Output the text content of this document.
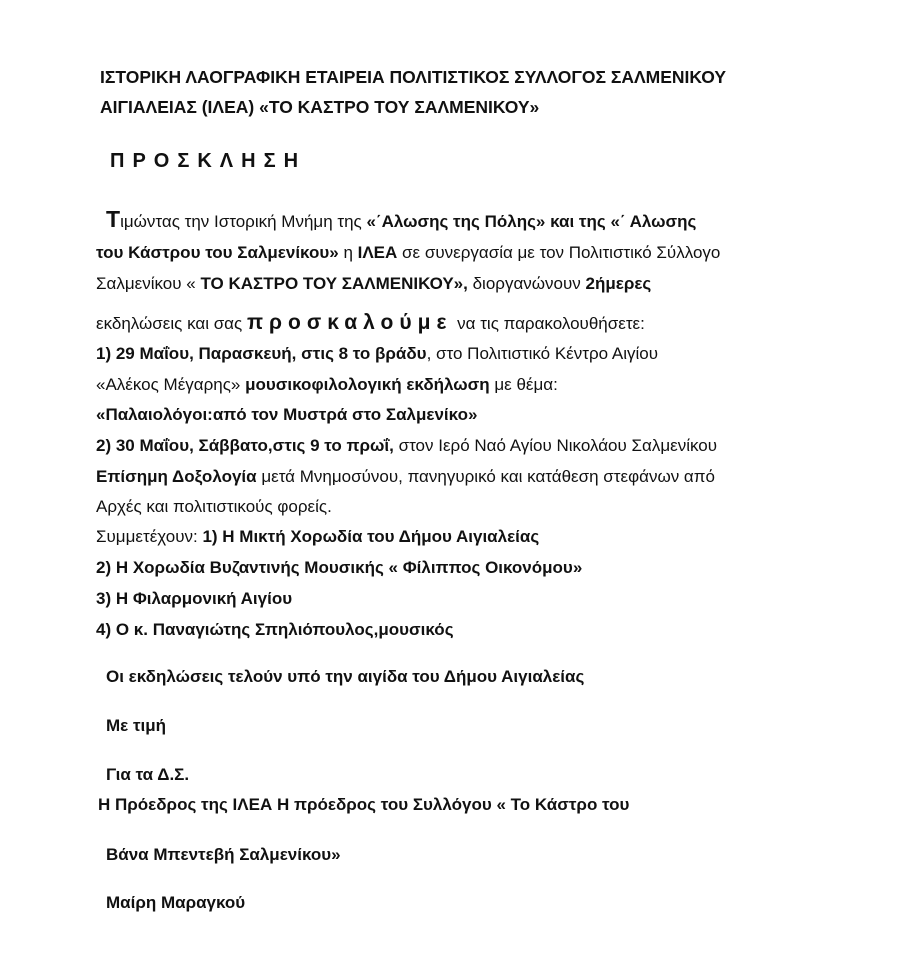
ΙΣΤΟΡΙΚΗ ΛΑΟΓΡΑΦΙΚΗ ΕΤΑΙΡΕΙΑ ΠΟΛΙΤΙΣΤΙΚΟΣ ΣΥΛΛΟΓΟΣ ΣΑΛΜΕΝΙΚΟΥ
ΑΙΓΙΑΛΕΙΑΣ (ΙΛΕΑ) «ΤΟ ΚΑΣΤΡΟ ΤΟΥ ΣΑΛΜΕΝΙΚΟΥ»
ΠΡΟΣΚΛΗΣΗ
Τιμώντας την Ιστορική Μνήμη της «΄Αλωσης της Πόλης» και της «΄ Αλωσης
του Κάστρου του Σαλμενίκου» η ΙΛΕΑ σε συνεργασία με τον Πολιτιστικό Σύλλογο
Σαλμενίκου « ΤΟ ΚΑΣΤΡΟ ΤΟΥ ΣΑΛΜΕΝΙΚΟΥ», διοργανώνουν 2ήμερες
εκδηλώσεις και σας προσκαλούμε να τις παρακολουθήσετε:
1) 29 Μαΐου, Παρασκευή, στις 8 το βράδυ, στο Πολιτιστικό Κέντρο Αιγίου
«Αλέκος Μέγαρης» μουσικοφιλολογική εκδήλωση με θέμα:
«Παλαιολόγοι:από τον Μυστρά στο Σαλμενίκο»
2) 30 Μαΐου, Σάββατο,στις 9 το πρωΐ, στον Ιερό Ναό Αγίου Νικολάου Σαλμενίκου
Επίσημη Δοξολογία μετά Μνημοσύνου, πανηγυρικό και κατάθεση στεφάνων από
Αρχές και πολιτιστικούς φορείς.
Συμμετέχουν: 1) Η Μικτή Χορωδία του Δήμου Αιγιαλείας
2) Η Χορωδία Βυζαντινής Μουσικής « Φίλιππος Οικονόμου»
3) Η Φιλαρμονική Αιγίου
4) Ο κ. Παναγιώτης Σπηλιόπουλος,μουσικός
Οι εκδηλώσεις τελούν υπό την αιγίδα του Δήμου Αιγιαλείας
Με τιμή
Για τα Δ.Σ.
Η Πρόεδρος της ΙΛΕΑ Η πρόεδρος του Συλλόγου « Το Κάστρο του
Βάνα Μπεντεβή Σαλμενίκου»
Μαίρη Μαραγκού
